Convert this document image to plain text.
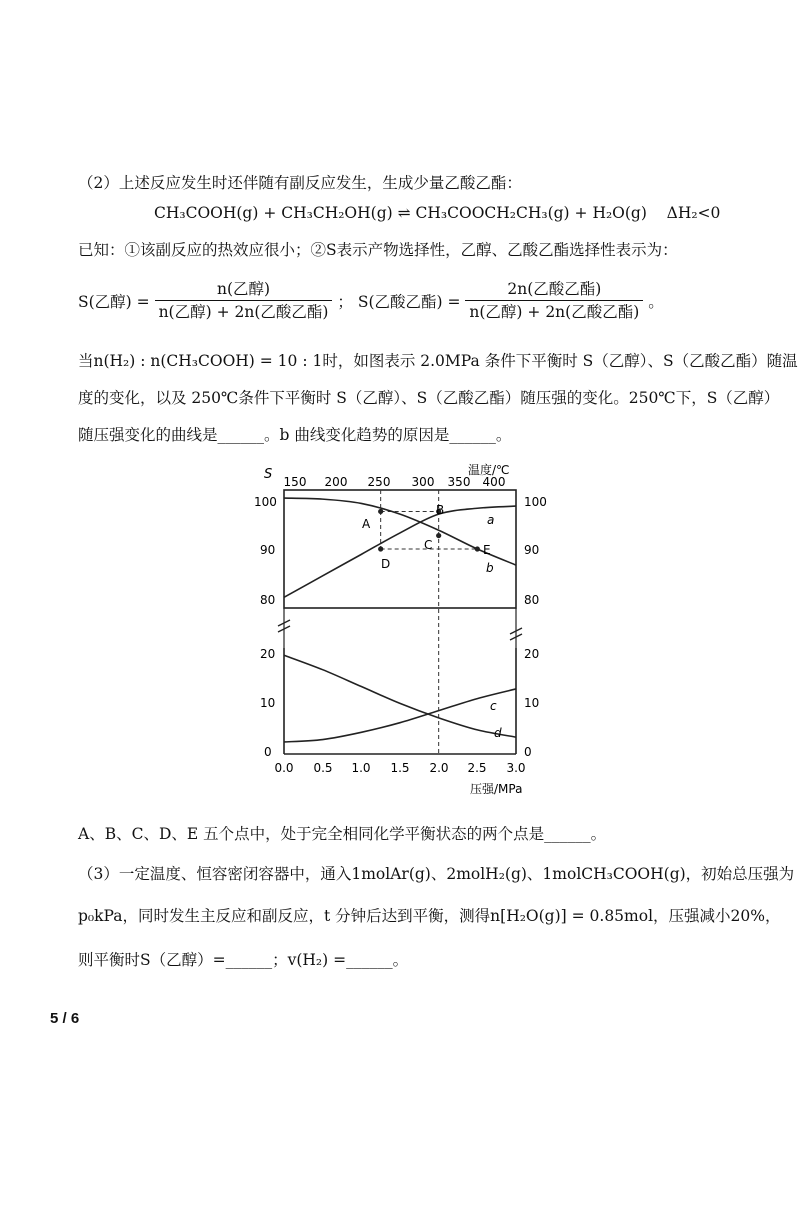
（2）上述反应发生时还伴随有副反应发生，生成少量乙酸乙酯：
CH₃COOH(g) + CH₃CH₂OH(g) ⇌ CH₃COOCH₂CH₃(g) + H₂O(g) ΔH₂<0
已知：①该副反应的热效应很小；②S表示产物选择性，乙醇、乙酸乙酯选择性表示为：
S(乙醇) = $\frac{\text{n(乙醇)}}{\text{n(乙醇) + 2n(乙酸乙酯)}}$ ； S(乙酸乙酯) = $\frac{\text{2n(乙酸乙酯)}}{\text{n(乙醇) + 2n(乙酸乙酯)}}$ 。
当n(H₂) : n(CH₃COOH) = 10 : 1时，如图表示 2.0MPa 条件下平衡时 S（乙醇）、S（乙酸乙酯）随温
度的变化，以及 250℃条件下平衡时 S（乙醇）、S（乙酸乙酯）随压强的变化。250℃下，S（乙醇）
随压强变化的曲线是______。b 曲线变化趋势的原因是______。
S	温度/℃
压强/MPa
150 200 250 300 350 400
0.0 0.5 1.0 1.5 2.0 2.5 3.0
100
90
80
100
90
80
20
10
0
20
10
0
a
b
c
d
A
B
C
D
E
A、B、C、D、E 五个点中，处于完全相同化学平衡状态的两个点是______。
（3）一定温度、恒容密闭容器中，通入1molAr(g)、2molH₂(g)、1molCH₃COOH(g)，初始总压强为
p₀kPa，同时发生主反应和副反应，t 分钟后达到平衡，测得n[H₂O(g)] = 0.85mol，压强减小20%，
则平衡时S（乙醇）=______；v(H₂) =______。
5 / 6
